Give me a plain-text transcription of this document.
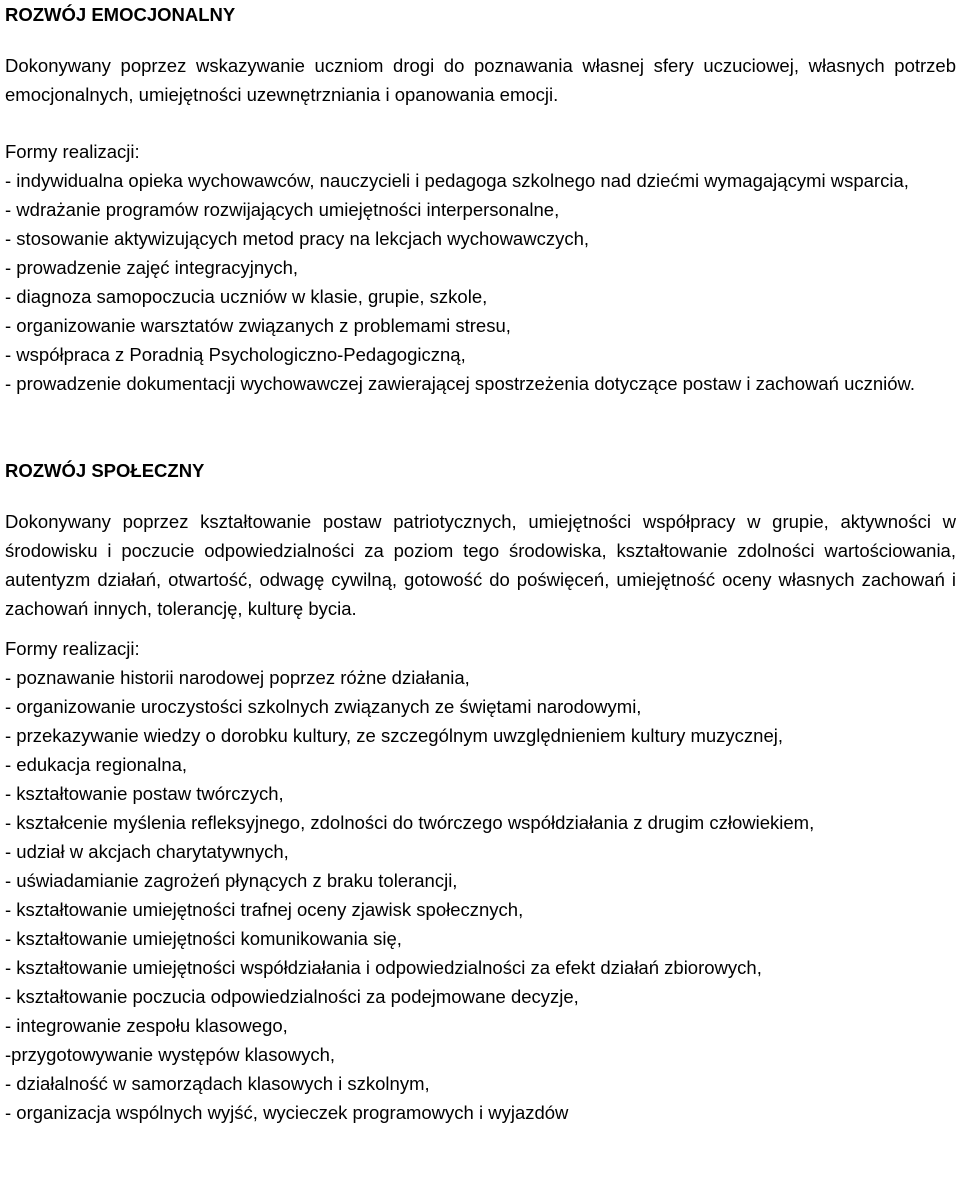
ROZWÓJ EMOCJONALNY

Dokonywany poprzez wskazywanie uczniom drogi do poznawania własnej sfery uczuciowej, własnych potrzeb emocjonalnych, umiejętności uzewnętrzniania i opanowania emocji.

Formy realizacji:

- indywidualna opieka wychowawców, nauczycieli i pedagoga szkolnego nad dziećmi wymagającymi wsparcia,
- wdrażanie programów rozwijających umiejętności interpersonalne,
- stosowanie aktywizujących metod pracy na lekcjach wychowawczych,
- prowadzenie zajęć integracyjnych,
- diagnoza samopoczucia uczniów w klasie, grupie, szkole,
- organizowanie warsztatów związanych z problemami stresu,
- współpraca z Poradnią Psychologiczno-Pedagogiczną,
- prowadzenie dokumentacji wychowawczej zawierającej spostrzeżenia dotyczące postaw i zachowań uczniów.
ROZWÓJ SPOŁECZNY

Dokonywany poprzez kształtowanie postaw patriotycznych, umiejętności współpracy w grupie, aktywności w środowisku i poczucie odpowiedzialności za poziom tego środowiska, kształtowanie zdolności wartościowania, autentyzm działań, otwartość, odwagę cywilną, gotowość do poświęceń, umiejętność oceny własnych zachowań i zachowań innych, tolerancję, kulturę bycia.

Formy realizacji:

- poznawanie historii narodowej poprzez różne działania,
- organizowanie uroczystości szkolnych związanych ze świętami narodowymi,
- przekazywanie wiedzy o dorobku kultury, ze szczególnym uwzględnieniem kultury muzycznej,
- edukacja regionalna,
- kształtowanie postaw twórczych,
- kształcenie myślenia refleksyjnego, zdolności do twórczego współdziałania z drugim człowiekiem,
- udział w akcjach charytatywnych,
- uświadamianie zagrożeń płynących z braku tolerancji,
- kształtowanie umiejętności trafnej oceny zjawisk społecznych,
- kształtowanie umiejętności komunikowania się,
- kształtowanie umiejętności współdziałania i odpowiedzialności za efekt działań zbiorowych,
- kształtowanie poczucia odpowiedzialności za podejmowane decyzje,
- integrowanie zespołu klasowego,
-przygotowywanie występów klasowych,
- działalność w samorządach klasowych i szkolnym,
- organizacja wspólnych wyjść, wycieczek programowych i wyjazdów
